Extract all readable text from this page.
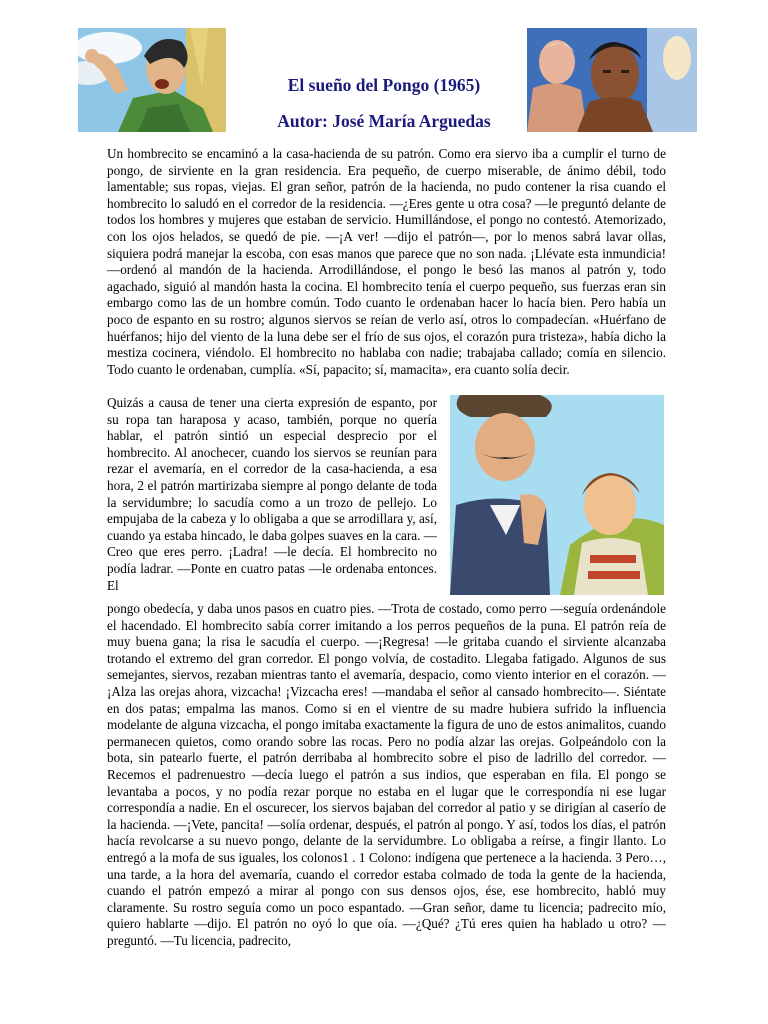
El sueño del Pongo (1965)
Autor: José María Arguedas

Un hombrecito se encaminó a la casa-hacienda de su patrón. Como era siervo iba a cumplir el turno de pongo, de sirviente en la gran residencia. Era pequeño, de cuerpo miserable, de ánimo débil, todo lamentable; sus ropas, viejas. El gran señor, patrón de la hacienda, no pudo contener la risa cuando el hombrecito lo saludó en el corredor de la residencia. —¿Eres gente u otra cosa? —le preguntó delante de todos los hombres y mujeres que estaban de servicio. Humillándose, el pongo no contestó. Atemorizado, con los ojos helados, se quedó de pie. —¡A ver! —dijo el patrón—, por lo menos sabrá lavar ollas, siquiera podrá manejar la escoba, con esas manos que parece que no son nada. ¡Llévate esta inmundicia! —ordenó al mandón de la hacienda. Arrodillándose, el pongo le besó las manos al patrón y, todo agachado, siguió al mandón hasta la cocina. El hombrecito tenía el cuerpo pequeño, sus fuerzas eran sin embargo como las de un hombre común. Todo cuanto le ordenaban hacer lo hacía bien. Pero había un poco de espanto en su rostro; algunos siervos se reían de verlo así, otros lo compadecían. «Huérfano de huérfanos; hijo del viento de la luna debe ser el frío de sus ojos, el corazón pura tristeza», había dicho la mestiza cocinera, viéndolo. El hombrecito no hablaba con nadie; trabajaba callado; comía en silencio. Todo cuanto le ordenaban, cumplía. «Sí, papacito; sí, mamacita», era cuanto solía decir.

Quizás a causa de tener una cierta expresión de espanto, por su ropa tan haraposa y acaso, también, porque no quería hablar, el patrón sintió un especial desprecio por el hombrecito. Al anochecer, cuando los siervos se reunían para rezar el avemaría, en el corredor de la casa-hacienda, a esa hora, 2 el patrón martirizaba siempre al pongo delante de toda la servidumbre; lo sacudía como a un trozo de pellejo. Lo empujaba de la cabeza y lo obligaba a que se arrodillara y, así, cuando ya estaba hincado, le daba golpes suaves en la cara. —Creo que eres perro. ¡Ladra! —le decía. El hombrecito no podía ladrar. —Ponte en cuatro patas —le ordenaba entonces. El

pongo obedecía, y daba unos pasos en cuatro pies. —Trota de costado, como perro —seguía ordenándole el hacendado. El hombrecito sabía correr imitando a los perros pequeños de la puna. El patrón reía de muy buena gana; la risa le sacudía el cuerpo. —¡Regresa! —le gritaba cuando el sirviente alcanzaba trotando el extremo del gran corredor. El pongo volvía, de costadito. Llegaba fatigado. Algunos de sus semejantes, siervos, rezaban mientras tanto el avemaría, despacio, como viento interior en el corazón. —¡Alza las orejas ahora, vizcacha! ¡Vizcacha eres! —mandaba el señor al cansado hombrecito—. Siéntate en dos patas; empalma las manos. Como si en el vientre de su madre hubiera sufrido la influencia modelante de alguna vizcacha, el pongo imitaba exactamente la figura de uno de estos animalitos, cuando permanecen quietos, como orando sobre las rocas. Pero no podía alzar las orejas. Golpeándolo con la bota, sin patearlo fuerte, el patrón derribaba al hombrecito sobre el piso de ladrillo del corredor. —Recemos el padrenuestro —decía luego el patrón a sus indios, que esperaban en fila. El pongo se levantaba a pocos, y no podía rezar porque no estaba en el lugar que le correspondía ni ese lugar correspondía a nadie. En el oscurecer, los siervos bajaban del corredor al patio y se dirigían al caserío de la hacienda. —¡Vete, pancita! —solía ordenar, después, el patrón al pongo. Y así, todos los días, el patrón hacía revolcarse a su nuevo pongo, delante de la servidumbre. Lo obligaba a reírse, a fingir llanto. Lo entregó a la mofa de sus iguales, los colonos1 . 1 Colono: indígena que pertenece a la hacienda. 3 Pero…, una tarde, a la hora del avemaría, cuando el corredor estaba colmado de toda la gente de la hacienda, cuando el patrón empezó a mirar al pongo con sus densos ojos, ése, ese hombrecito, habló muy claramente. Su rostro seguía como un poco espantado. —Gran señor, dame tu licencia; padrecito mío, quiero hablarte —dijo. El patrón no oyó lo que oía. —¿Qué? ¿Tú eres quien ha hablado u otro? —preguntó. —Tu licencia, padrecito,
